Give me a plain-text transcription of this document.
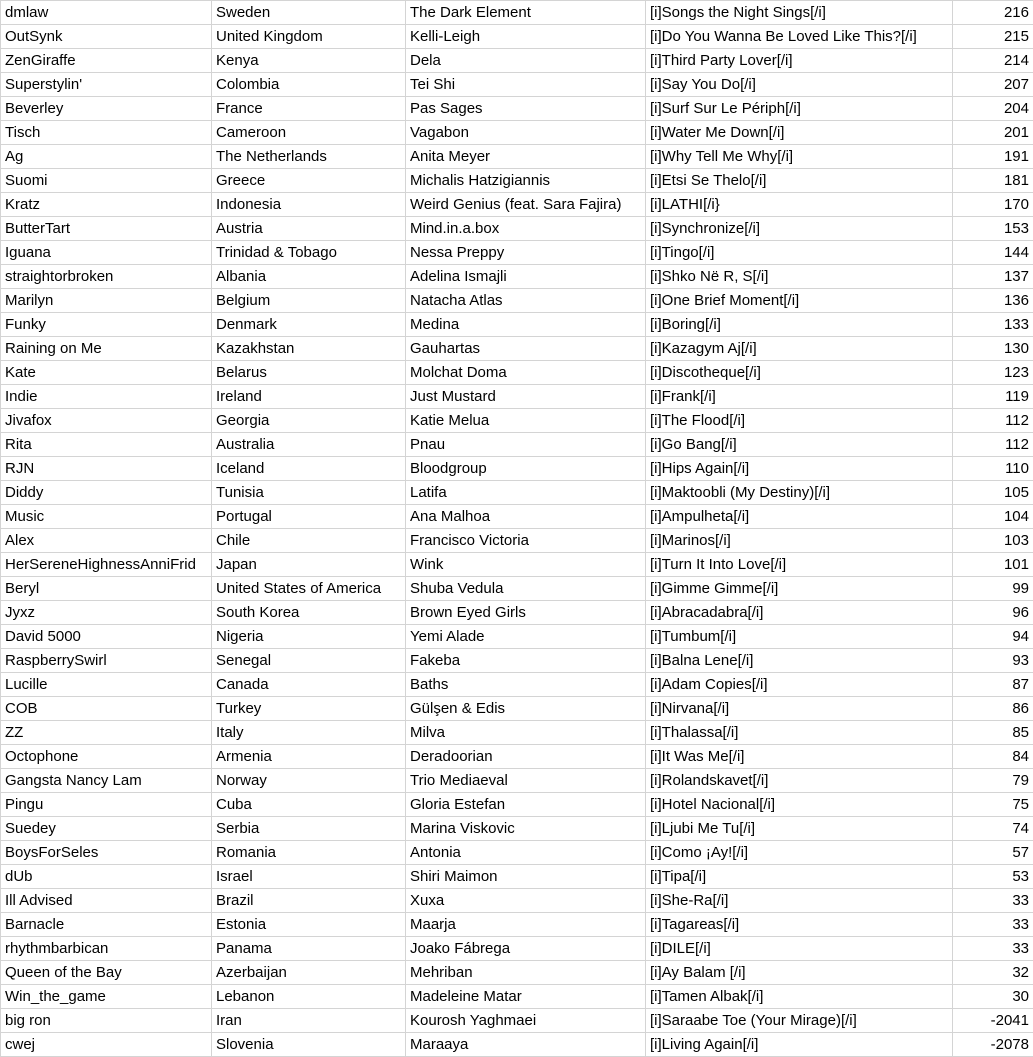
dmlaw	Sweden	The Dark Element	[i]Songs the Night Sings[/i]	216
OutSynk	United Kingdom	Kelli-Leigh	[i]Do You Wanna Be Loved Like This?[/i]	215
ZenGiraffe	Kenya	Dela	[i]Third Party Lover[/i]	214
Superstylin'	Colombia	Tei Shi	[i]Say You Do[/i]	207
Beverley	France	Pas Sages	[i]Surf Sur Le Périph[/i]	204
Tisch	Cameroon	Vagabon	[i]Water Me Down[/i]	201
Ag	The Netherlands	Anita Meyer	[i]Why Tell Me Why[/i]	191
Suomi	Greece	Michalis Hatzigiannis	[i]Etsi Se Thelo[/i]	181
Kratz	Indonesia	Weird Genius (feat. Sara Fajira)	[i]LATHI[/i}	170
ButterTart	Austria	Mind.in.a.box	[i]Synchronize[/i]	153
Iguana	Trinidad & Tobago	Nessa Preppy	[i]Tingo[/i]	144
straightorbroken	Albania	Adelina Ismajli	[i]Shko Në R, S[/i]	137
Marilyn	Belgium	Natacha Atlas	[i]One Brief Moment[/i]	136
Funky	Denmark	Medina	[i]Boring[/i]	133
Raining on Me	Kazakhstan	Gauhartas	[i]Kazagym Aj[/i]	130
Kate	Belarus	Molchat Doma	[i]Discotheque[/i]	123
Indie	Ireland	Just Mustard	[i]Frank[/i]	119
Jivafox	Georgia	Katie Melua	[i]The Flood[/i]	112
Rita	Australia	Pnau	[i]Go Bang[/i]	112
RJN	Iceland	Bloodgroup	[i]Hips Again[/i]	110
Diddy	Tunisia	Latifa	[i]Maktoobli (My Destiny)[/i]	105
Music	Portugal	Ana Malhoa	[i]Ampulheta[/i]	104
Alex	Chile	Francisco Victoria	[i]Marinos[/i]	103
HerSereneHighnessAnniFrid	Japan	Wink	[i]Turn It Into Love[/i]	101
Beryl	United States of America	Shuba Vedula	[i]Gimme Gimme[/i]	99
Jyxz	South Korea	Brown Eyed Girls	[i]Abracadabra[/i]	96
David 5000	Nigeria	Yemi Alade	[i]Tumbum[/i]	94
RaspberrySwirl	Senegal	Fakeba	[i]Balna Lene[/i]	93
Lucille	Canada	Baths	[i]Adam Copies[/i]	87
COB	Turkey	Gülşen & Edis	[i]Nirvana[/i]	86
ZZ	Italy	Milva	[i]Thalassa[/i]	85
Octophone	Armenia	Deradoorian	[i]It Was Me[/i]	84
Gangsta Nancy Lam	Norway	Trio Mediaeval	[i]Rolandskavet[/i]	79
Pingu	Cuba	Gloria Estefan	[i]Hotel Nacional[/i]	75
Suedey	Serbia	Marina Viskovic	[i]Ljubi Me Tu[/i]	74
BoysForSeles	Romania	Antonia	[i]Como ¡Ay![/i]	57
dUb	Israel	Shiri Maimon	[i]Tipa[/i]	53
Ill Advised	Brazil	Xuxa	[i]She-Ra[/i]	33
Barnacle	Estonia	Maarja	[i]Tagareas[/i]	33
rhythmbarbican	Panama	Joako Fábrega	[i]DILE[/i]	33
Queen of the Bay	Azerbaijan	Mehriban	[i]Ay Balam [/i]	32
Win_the_game	Lebanon	Madeleine Matar	[i]Tamen Albak[/i]	30
big ron	Iran	Kourosh Yaghmaei	[i]Saraabe Toe (Your Mirage)[/i]	-2041
cwej	Slovenia	Maraaya	[i]Living Again[/i]	-2078
